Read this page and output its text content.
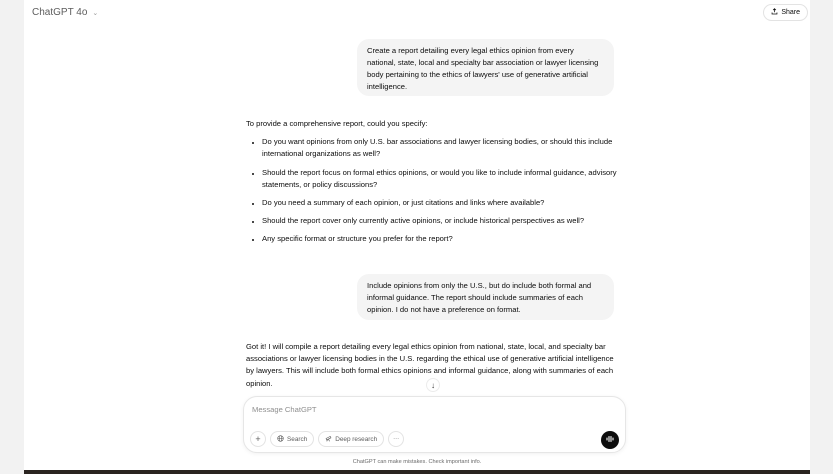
ChatGPT 4o ⌄	Share
Create a report detailing every legal ethics opinion from every national, state, local and specialty bar association or lawyer licensing body pertaining to the ethics of lawyers' use of generative artificial intelligence.

To provide a comprehensive report, could you specify:

• Do you want opinions from only U.S. bar associations and lawyer licensing bodies, or should this include international organizations as well?
• Should the report focus on formal ethics opinions, or would you like to include informal guidance, advisory statements, or policy discussions?
• Do you need a summary of each opinion, or just citations and links where available?
• Should the report cover only currently active opinions, or include historical perspectives as well?
• Any specific format or structure you prefer for the report?
Include opinions from only the U.S., but do include both formal and informal guidance. The report should include summaries of each opinion. I do not have a preference on format.

Got it! I will compile a report detailing every legal ethics opinion from national, state, local, and specialty bar associations or lawyer licensing bodies in the U.S. regarding the ethical use of generative artificial intelligence by lawyers. This will include both formal ethics opinions and informal guidance, along with summaries of each opinion.	↓
Message ChatGPT
+	Search	Deep research	···
ChatGPT can make mistakes. Check important info.
